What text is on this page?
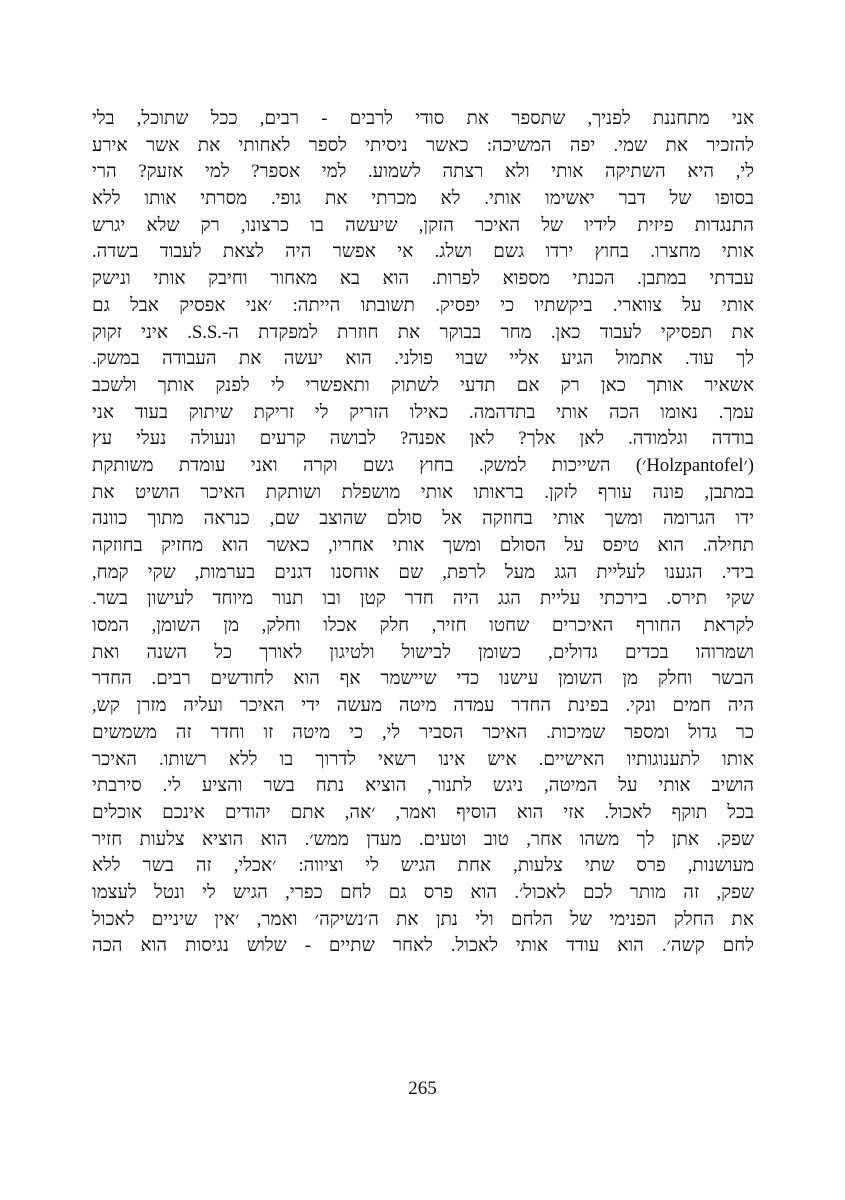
אני מתחננת לפניך, שתספר את סודי לרבים - רבים, ככל שתוכל, בלי
להזכיר את שמי. יפה המשיכה: כאשר ניסיתי לספר לאחותי את אשר אירע
לי, היא השתיקה אותי ולא רצתה לשמוע. למי אספר? למי אזעק? הרי
בסופו של דבר יאשימו אותי. לא מכרתי את גופי. מסרתי אותו ללא
התנגדות פיזית לידיו של האיכר הזקן, שיעשה בו כרצונו, רק שלא יגרש
אותי מחצרו. בחוץ ירדו גשם ושלג. אי אפשר היה לצאת לעבוד בשדה.
עבדתי במתבן. הכנתי מספוא לפרות. הוא בא מאחור וחיבק אותי ונישק
אותי על צווארי. ביקשתיו כי יפסיק. תשובתו הייתה: ׳אני אפסיק אבל גם
את תפסיקי לעבוד כאן. מחר בבוקר את חוזרת למפקדת ה-.S.S. איני זקוק
לך עוד. אתמול הגיע אליי שבוי פולני. הוא יעשה את העבודה במשק.
אשאיר אותך כאן רק אם תדעי לשתוק ותאפשרי לי לפנק אותך ולשכב
עמך. נאומו הכה אותי בתדהמה. כאילו הזריק לי זריקת שיתוק בעוד אני
בודדה וגלמודה. לאן אלך? לאן אפנה? לבושה קרעים ונעולה נעלי עץ
(׳Holzpantofel׳) השייכות למשק. בחוץ גשם וקרה ואני עומדת משותקת
במתבן, פונה עורף לזקן. בראותו אותי מושפלת ושותקת האיכר הושיט את
ידו הגרומה ומשך אותי בחוזקה אל סולם שהוצב שם, כנראה מתוך כוונה
תחילה. הוא טיפס על הסולם ומשך אותי אחריו, כאשר הוא מחזיק בחוזקה
בידי. הגענו לעליית הגג מעל לרפת, שם אוחסנו דגנים בערמות, שקי קמח,
שקי תירס. בירכתי עליית הגג היה חדר קטן ובו תנור מיוחד לעישון בשר.
לקראת החורף האיכרים שחטו חזיר, חלק אכלו וחלק, מן השומן, המסו
ושמרוהו בכדים גדולים, כשומן לבישול ולטיגון לאורך כל השנה ואת
הבשר וחלק מן השומן עישנו כדי שיישמר אף הוא לחודשים רבים. החדר
היה חמים ונקי. בפינת החדר עמדה מיטה מעשה ידי האיכר ועליה מזרן קש,
כר גדול ומספר שמיכות. האיכר הסביר לי, כי מיטה זו וחדר זה משמשים
אותו לתענוגותיו האישיים. איש אינו רשאי לדרוך בו ללא רשותו. האיכר
הושיב אותי על המיטה, ניגש לתנור, הוציא נתח בשר והציע לי. סירבתי
בכל תוקף לאכול. אזי הוא הוסיף ואמר, ׳אה, אתם יהודים אינכם אוכלים
שפק. אתן לך משהו אחר, טוב וטעים. מעדן ממש׳. הוא הוציא צלעות חזיר
מעושנות, פרס שתי צלעות, אחת הגיש לי וציווה: ׳אכלי, זה בשר ללא
שפק, זה מותר לכם לאכול׳. הוא פרס גם לחם כפרי, הגיש לי ונטל לעצמו
את החלק הפנימי של הלחם ולי נתן את ה׳נשיקה׳ ואמר, ׳אין שיניים לאכול
לחם קשה׳. הוא עודד אותי לאכול. לאחר שתיים - שלוש נגיסות הוא הכה
265
